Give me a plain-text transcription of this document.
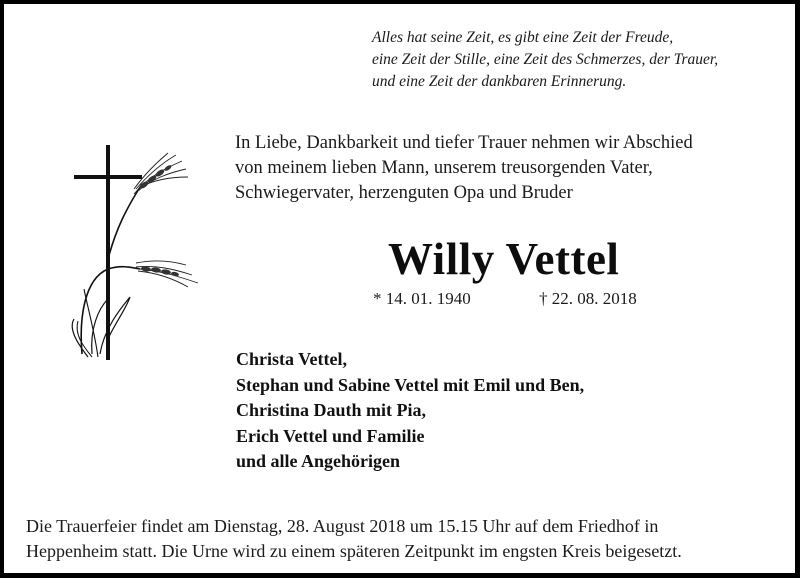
Alles hat seine Zeit, es gibt eine Zeit der Freude,
eine Zeit der Stille, eine Zeit des Schmerzes, der Trauer,
und eine Zeit der dankbaren Erinnerung.
In Liebe, Dankbarkeit und tiefer Trauer nehmen wir Abschied
von meinem lieben Mann, unserem treusorgenden Vater,
Schwiegervater, herzenguten Opa und Bruder
Willy Vettel
* 14. 01. 1940	† 22. 08. 2018
Christa Vettel,
Stephan und Sabine Vettel mit Emil und Ben,
Christina Dauth mit Pia,
Erich Vettel und Familie
und alle Angehörigen
Die Trauerfeier findet am Dienstag, 28. August 2018 um 15.15 Uhr auf dem Friedhof in
Heppenheim statt. Die Urne wird zu einem späteren Zeitpunkt im engsten Kreis beigesetzt.
